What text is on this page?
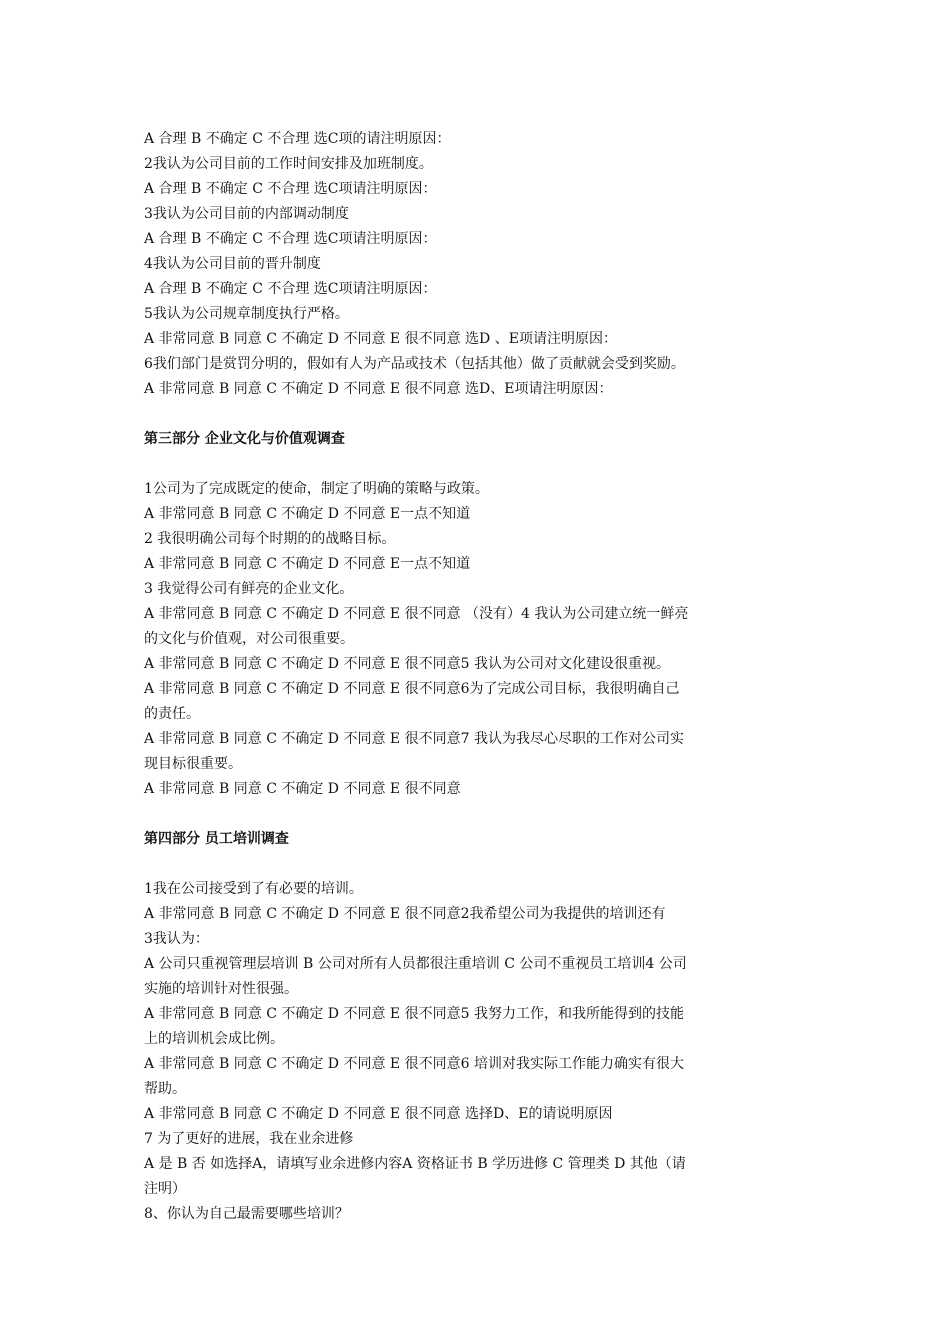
A 合理 B 不确定 C 不合理 选C项的请注明原因：
2我认为公司目前的工作时间安排及加班制度。
A 合理 B 不确定 C 不合理 选C项请注明原因：
3我认为公司目前的内部调动制度
A 合理 B 不确定 C 不合理 选C项请注明原因：
4我认为公司目前的晋升制度
A 合理 B 不确定 C 不合理 选C项请注明原因：
5我认为公司规章制度执行严格。
A 非常同意 B 同意 C 不确定 D 不同意 E 很不同意 选D 、E项请注明原因：
6我们部门是赏罚分明的，假如有人为产品或技术（包括其他）做了贡献就会受到奖励。
A 非常同意 B 同意 C 不确定 D 不同意 E 很不同意 选D、E项请注明原因：
第三部分 企业文化与价值观调查
1公司为了完成既定的使命，制定了明确的策略与政策。
A 非常同意 B 同意 C 不确定 D 不同意 E一点不知道
2 我很明确公司每个时期的的战略目标。
A 非常同意 B 同意 C 不确定 D 不同意 E一点不知道
3 我觉得公司有鲜亮的企业文化。
A 非常同意 B 同意 C 不确定 D 不同意 E 很不同意 （没有）4 我认为公司建立统一鲜亮
的文化与价值观，对公司很重要。
A 非常同意 B 同意 C 不确定 D 不同意 E 很不同意5 我认为公司对文化建设很重视。
A 非常同意 B 同意 C 不确定 D 不同意 E 很不同意6为了完成公司目标，我很明确自己
的责任。
A 非常同意 B 同意 C 不确定 D 不同意 E 很不同意7 我认为我尽心尽职的工作对公司实
现目标很重要。
A 非常同意 B 同意 C 不确定 D 不同意 E 很不同意
第四部分 员工培训调查
1我在公司接受到了有必要的培训。
A 非常同意 B 同意 C 不确定 D 不同意 E 很不同意2我希望公司为我提供的培训还有
3我认为：
A 公司只重视管理层培训 B 公司对所有人员都很注重培训 C 公司不重视员工培训4 公司
实施的培训针对性很强。
A 非常同意 B 同意 C 不确定 D 不同意 E 很不同意5 我努力工作，和我所能得到的技能
上的培训机会成比例。
A 非常同意 B 同意 C 不确定 D 不同意 E 很不同意6 培训对我实际工作能力确实有很大
帮助。
A 非常同意 B 同意 C 不确定 D 不同意 E 很不同意 选择D、E的请说明原因
7 为了更好的进展，我在业余进修
A 是 B 否 如选择A，请填写业余进修内容A 资格证书 B 学历进修 C 管理类 D 其他（请
注明）
8、你认为自己最需要哪些培训？
